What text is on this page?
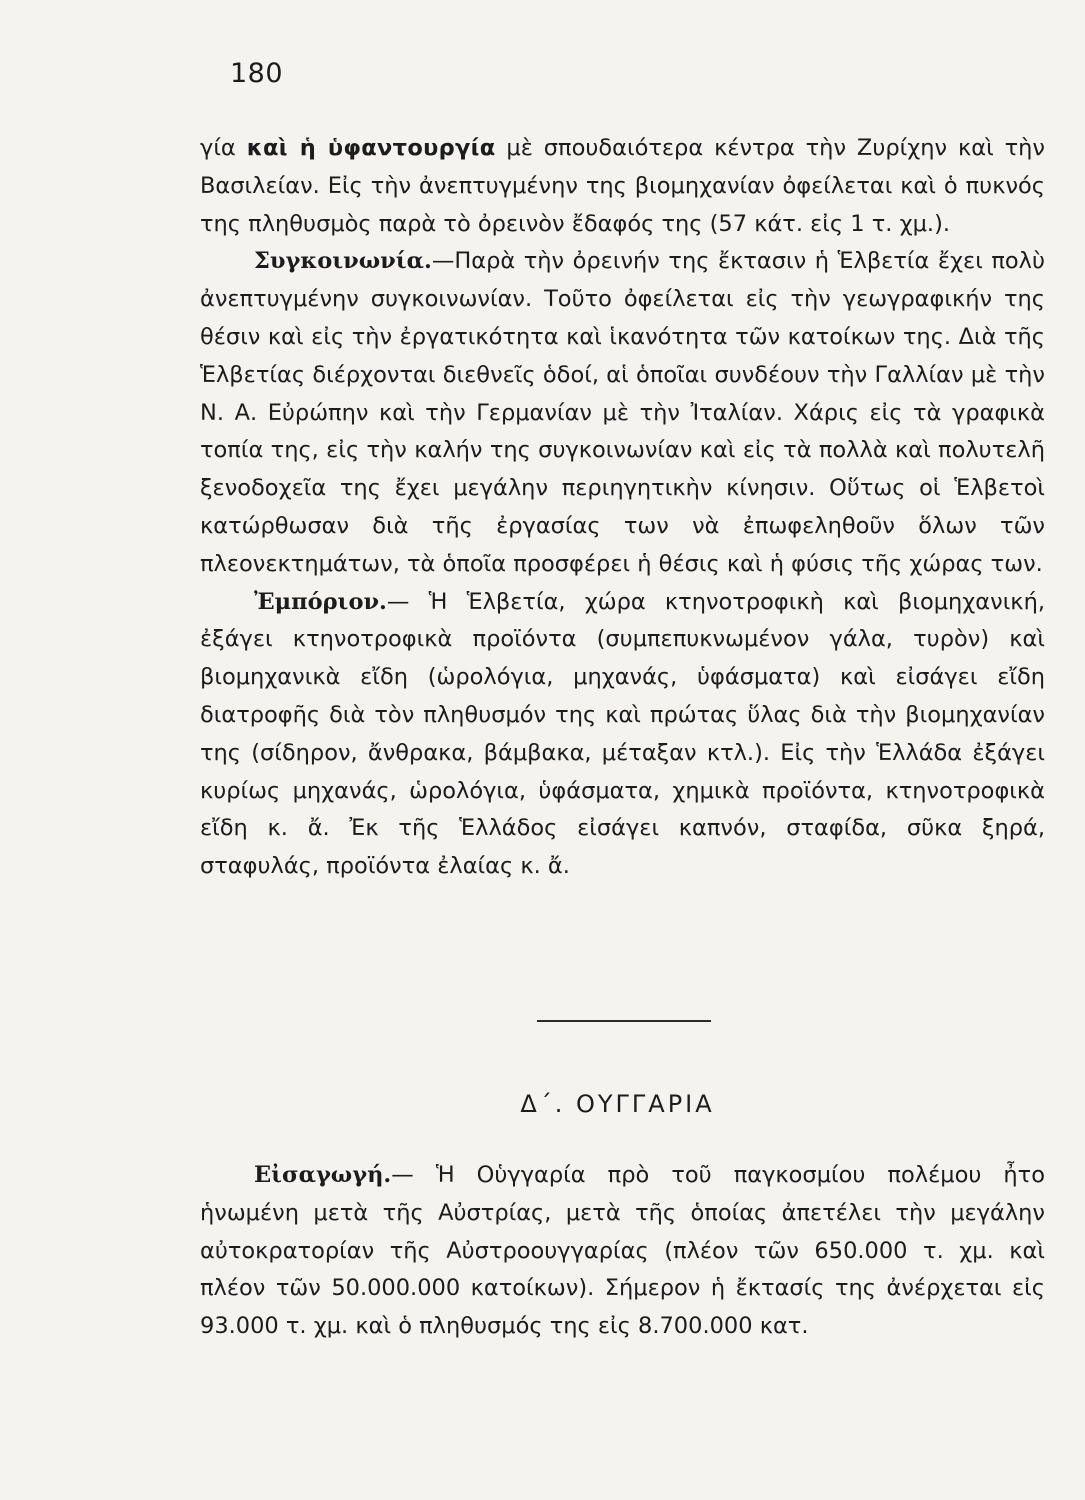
180

γία καὶ ἡ ὑφαντουργία μὲ σπουδαιότερα κέντρα τὴν Ζυρίχην καὶ τὴν Βασιλείαν. Εἰς τὴν ἀνεπτυγμένην της βιομηχανίαν ὀφείλεται καὶ ὁ πυκνός της πληθυσμὸς παρὰ τὸ ὀρεινὸν ἔδαφός της (57 κάτ. εἰς 1 τ. χμ.).

Συγκοινωνία.—Παρὰ τὴν ὀρεινήν της ἔκτασιν ἡ Ἑλβετία ἔχει πολὺ ἀνεπτυγμένην συγκοινωνίαν. Τοῦτο ὀφείλεται εἰς τὴν γεωγραφικήν της θέσιν καὶ εἰς τὴν ἐργατικότητα καὶ ἱκανότητα τῶν κατοίκων της. Διὰ τῆς Ἑλβετίας διέρχονται διεθνεῖς ὁδοί, αἱ ὁποῖαι συνδέουν τὴν Γαλλίαν μὲ τὴν Ν. Α. Εὐρώπην καὶ τὴν Γερμανίαν μὲ τὴν Ἰταλίαν. Χάρις εἰς τὰ γραφικὰ τοπία της, εἰς τὴν καλήν της συγκοινωνίαν καὶ εἰς τὰ πολλὰ καὶ πολυτελῆ ξενοδοχεῖα της ἔχει μεγάλην περιηγητικὴν κίνησιν. Οὕτως οἱ Ἑλβετοὶ κατώρθωσαν διὰ τῆς ἐργασίας των νὰ ἐπωφεληθοῦν ὅλων τῶν πλεονεκτημάτων, τὰ ὁποῖα προσφέρει ἡ θέσις καὶ ἡ φύσις τῆς χώρας των.

Ἐμπόριον.— Ἡ Ἑλβετία, χώρα κτηνοτροφικὴ καὶ βιομηχανική, ἐξάγει κτηνοτροφικὰ προϊόντα (συμπεπυκνωμένον γάλα, τυρὸν) καὶ βιομηχανικὰ εἴδη (ὡρολόγια, μηχανάς, ὑφάσματα) καὶ εἰσάγει εἴδη διατροφῆς διὰ τὸν πληθυσμόν της καὶ πρώτας ὕλας διὰ τὴν βιομηχανίαν της (σίδηρον, ἄνθρακα, βάμβακα, μέταξαν κτλ.). Εἰς τὴν Ἑλλάδα ἐξάγει κυρίως μηχανάς, ὡρολόγια, ὑφάσματα, χημικὰ προϊόντα, κτηνοτροφικὰ εἴδη κ. ἄ. Ἐκ τῆς Ἑλλάδος εἰσάγει καπνόν, σταφίδα, σῦκα ξηρά, σταφυλάς, προϊόντα ἐλαίας κ. ἄ.

Δ΄. ΟΥΓΓΑΡΙΑ

Εἰσαγωγή.— Ἡ Οὑγγαρία πρὸ τοῦ παγκοσμίου πολέμου ἦτο ἡνωμένη μετὰ τῆς Αὐστρίας, μετὰ τῆς ὁποίας ἀπετέλει τὴν μεγάλην αὐτοκρατορίαν τῆς Αὐστροουγγαρίας (πλέον τῶν 650.000 τ. χμ. καὶ πλέον τῶν 50.000.000 κατοίκων). Σήμερον ἡ ἔκτασίς της ἀνέρχεται εἰς 93.000 τ. χμ. καὶ ὁ πληθυσμός της εἰς 8.700.000 κατ.
